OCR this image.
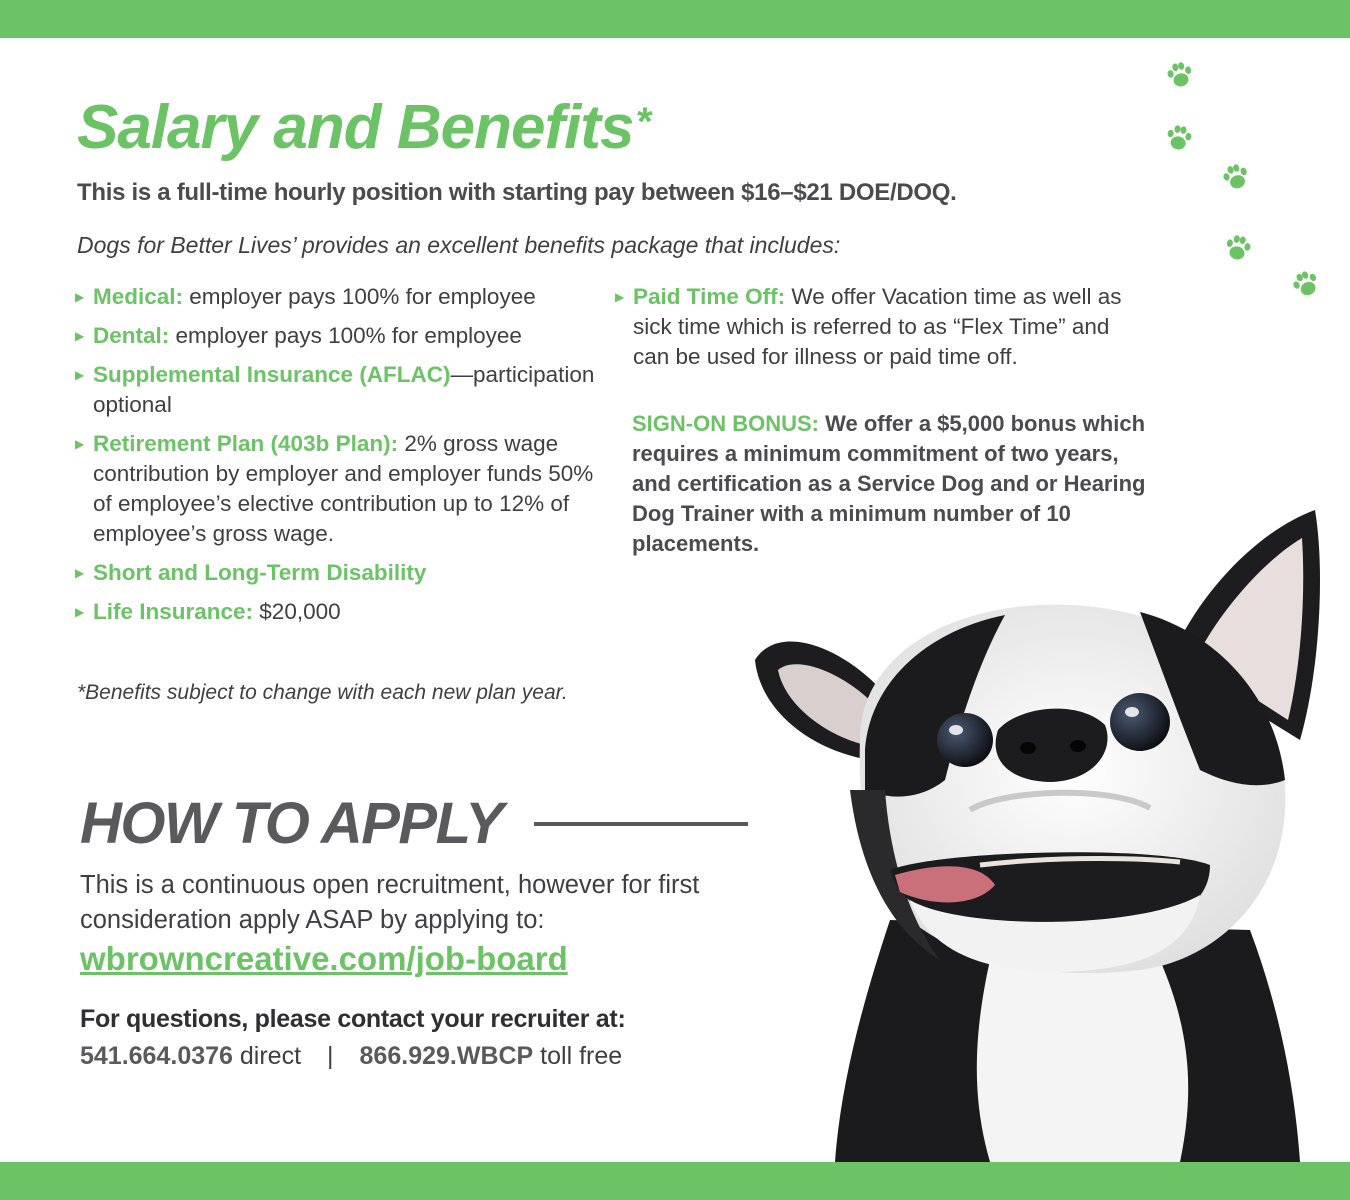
Salary and Benefits*

This is a full-time hourly position with starting pay between $16–$21 DOE/DOQ.

Dogs for Better Lives’ provides an excellent benefits package that includes:

▶ Medical: employer pays 100% for employee
▶ Dental: employer pays 100% for employee
▶ Supplemental Insurance (AFLAC)—participation optional
▶ Retirement Plan (403b Plan): 2% gross wage contribution by employer and employer funds 50% of employee’s elective contribution up to 12% of employee’s gross wage.
▶ Short and Long-Term Disability
▶ Life Insurance: $20,000
▶ Paid Time Off: We offer Vacation time as well as sick time which is referred to as “Flex Time” and can be used for illness or paid time off.

SIGN-ON BONUS: We offer a $5,000 bonus which requires a minimum commitment of two years, and certification as a Service Dog and or Hearing Dog Trainer with a minimum number of 10 placements.

*Benefits subject to change with each new plan year.

HOW TO APPLY

This is a continuous open recruitment, however for first consideration apply ASAP by applying to:

wbrowncreative.com/job-board

For questions, please contact your recruiter at:

541.664.0376 direct | 866.929.WBCP toll free
